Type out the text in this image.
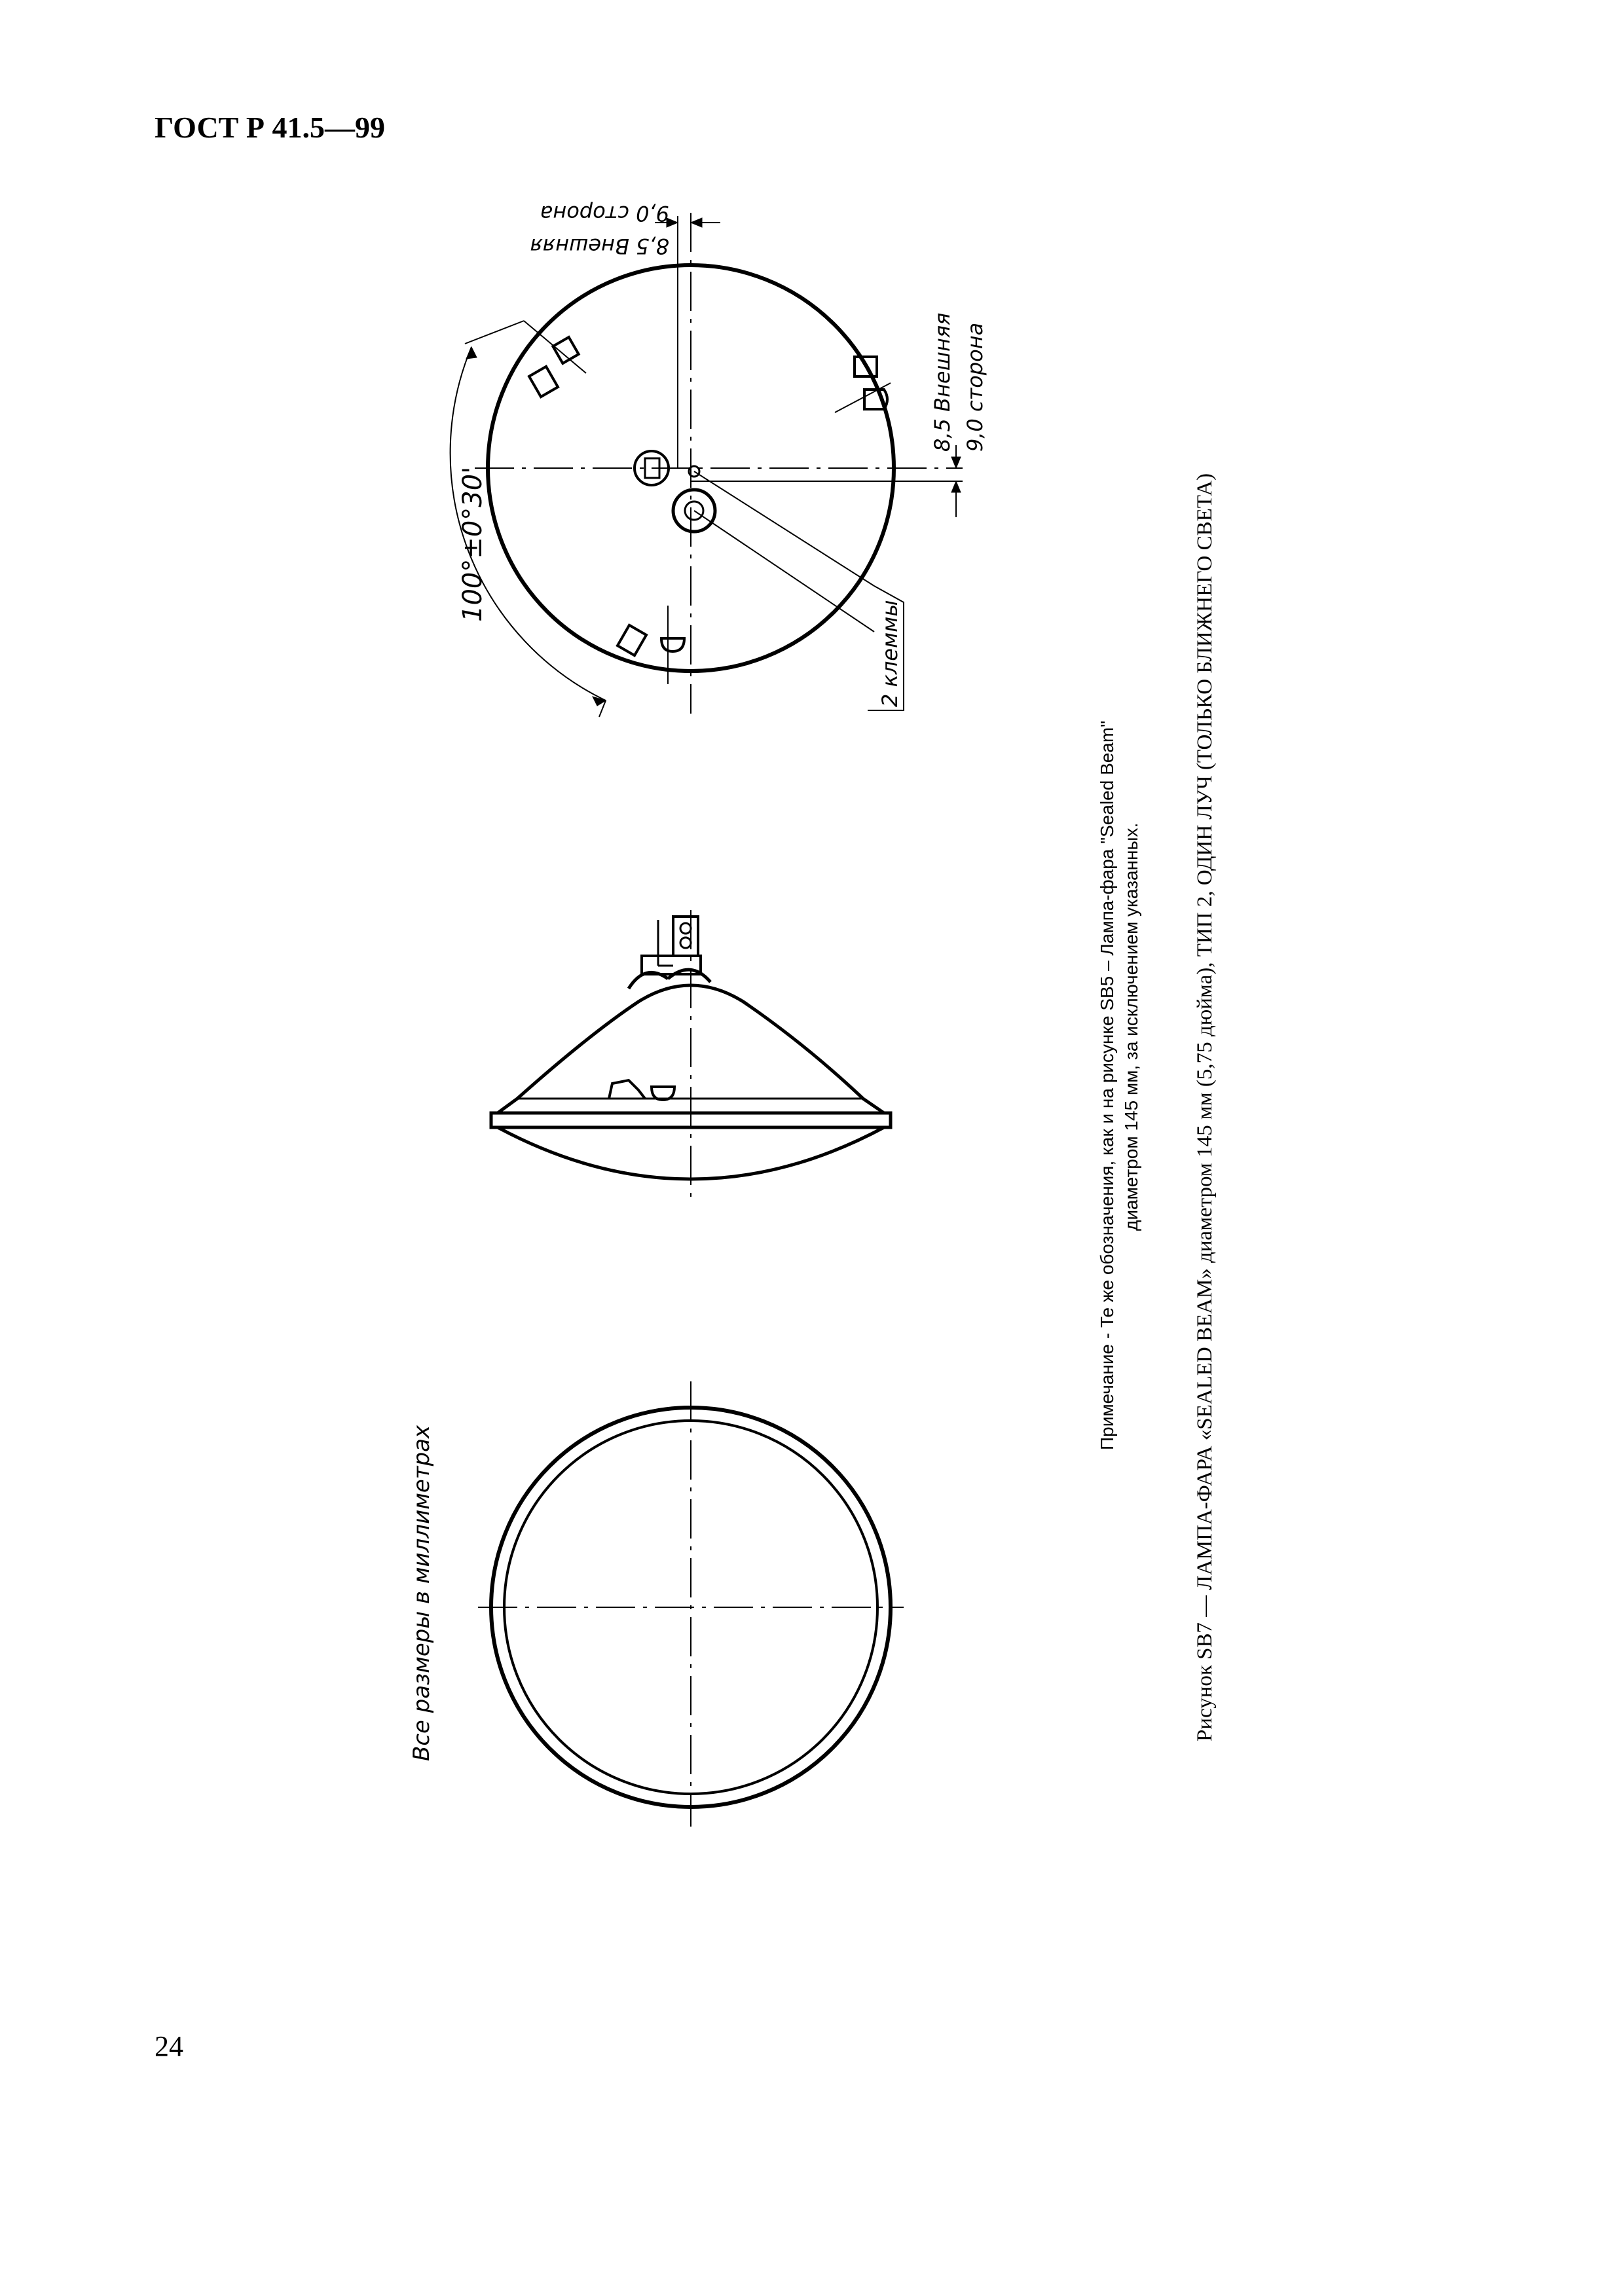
ГОСТ Р 41.5—99
Все размеры в миллиметрах
100°±0°30'
2 клеммы
8,5 Внешняя
9,0 сторона
8,5 Внешняя 9,0 сторона
Примечание - Те же обозначения, как и на рисунке SB5 – Лампа-фара "Sealed Beam" диаметром 145 мм, за исключением указанных. Рисунок SB7 — ЛАМПА-ФАРА «SEALED BEAM» диаметром 145 мм (5,75 дюйма), ТИП 2, ОДИН ЛУЧ (ТОЛЬКО БЛИЖНЕГО СВЕТА)
24
